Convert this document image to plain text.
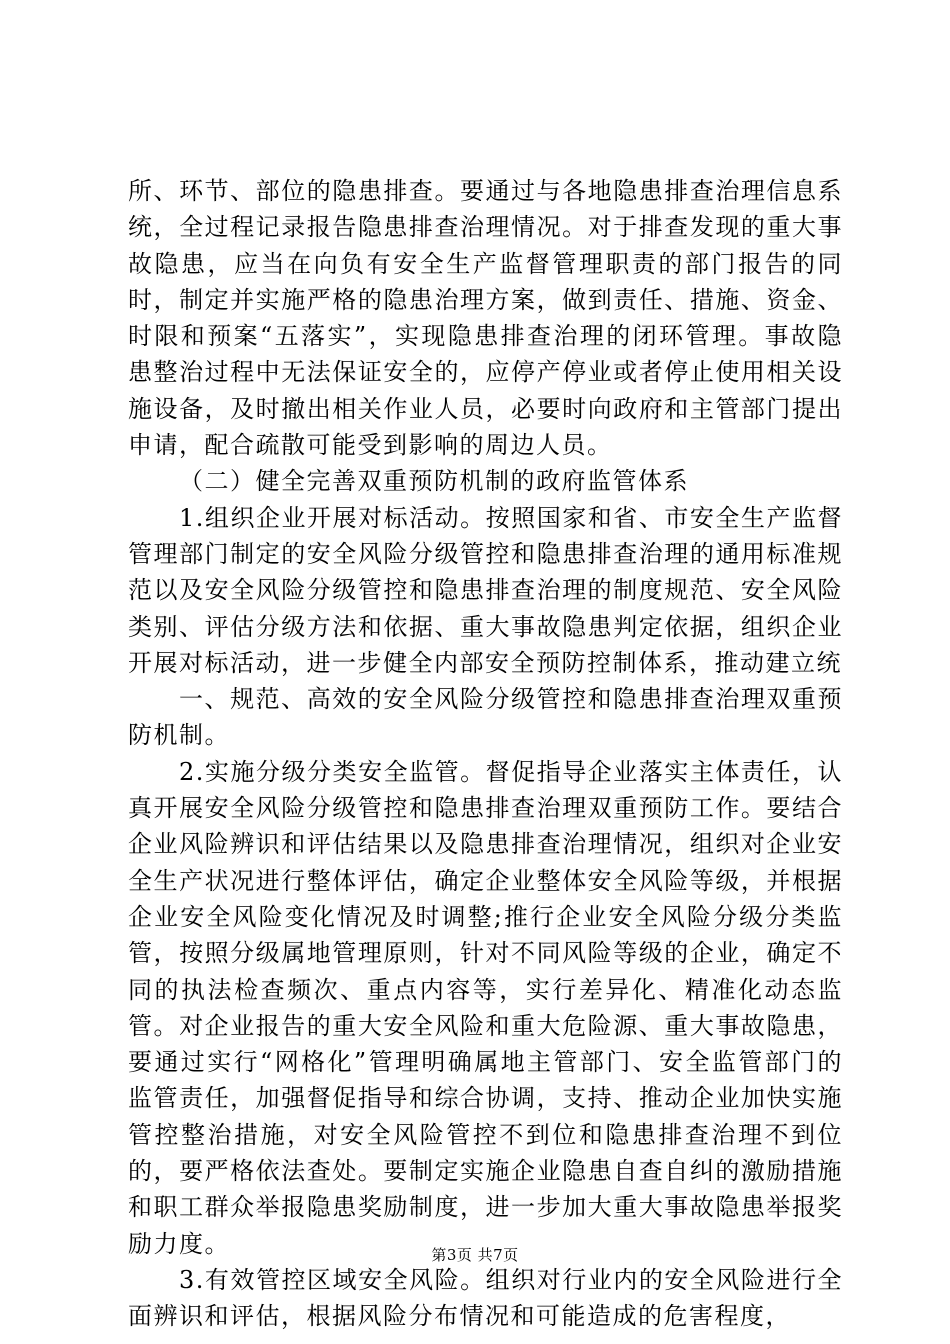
所、环节、部位的隐患排查。要通过与各地隐患排查治理信息系统，全过程记录报告隐患排查治理情况。对于排查发现的重大事故隐患，应当在向负有安全生产监督管理职责的部门报告的同时，制定并实施严格的隐患治理方案，做到责任、措施、资金、时限和预案“五落实”，实现隐患排查治理的闭环管理。事故隐患整治过程中无法保证安全的，应停产停业或者停止使用相关设施设备，及时撤出相关作业人员，必要时向政府和主管部门提出申请，配合疏散可能受到影响的周边人员。

（二）健全完善双重预防机制的政府监管体系

1.组织企业开展对标活动。按照国家和省、市安全生产监督管理部门制定的安全风险分级管控和隐患排查治理的通用标准规范以及安全风险分级管控和隐患排查治理的制度规范、安全风险类别、评估分级方法和依据、重大事故隐患判定依据，组织企业开展对标活动，进一步健全内部安全预防控制体系，推动建立统

一、规范、高效的安全风险分级管控和隐患排查治理双重预防机制。

2.实施分级分类安全监管。督促指导企业落实主体责任，认真开展安全风险分级管控和隐患排查治理双重预防工作。要结合企业风险辨识和评估结果以及隐患排查治理情况，组织对企业安全生产状况进行整体评估，确定企业整体安全风险等级，并根据企业安全风险变化情况及时调整;推行企业安全风险分级分类监管，按照分级属地管理原则，针对不同风险等级的企业，确定不同的执法检查频次、重点内容等，实行差异化、精准化动态监管。对企业报告的重大安全风险和重大危险源、重大事故隐患，要通过实行“网格化”管理明确属地主管部门、安全监管部门的监管责任，加强督促指导和综合协调，支持、推动企业加快实施管控整治措施，对安全风险管控不到位和隐患排查治理不到位的，要严格依法查处。要制定实施企业隐患自查自纠的激励措施和职工群众举报隐患奖励制度，进一步加大重大事故隐患举报奖励力度。

3.有效管控区域安全风险。组织对行业内的安全风险进行全面辨识和评估，根据风险分布情况和可能造成的危害程度，

第3页 共7页
